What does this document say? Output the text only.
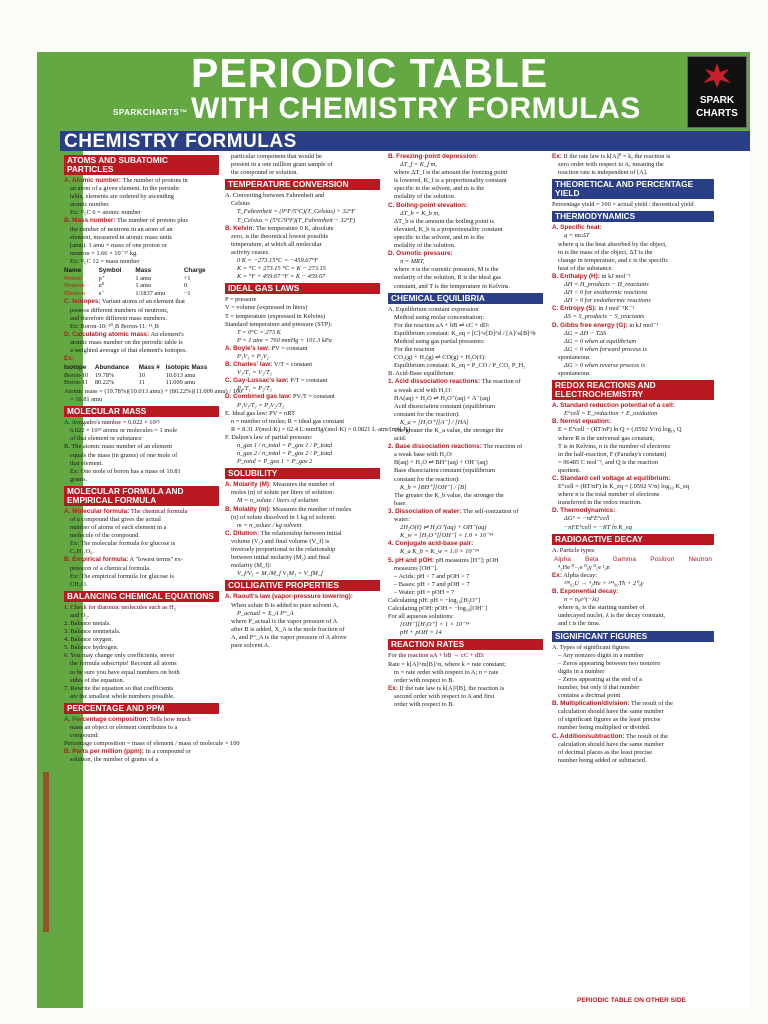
SPARKCHARTS™
PERIODIC TABLE
WITH CHEMISTRY FORMULAS	SPARK
CHARTS
CHEMISTRY FORMULAS
ATOMS AND SUBATOMIC PARTICLES
A. Atomic number: The number of protons in
an atom of a given element. In the periodic
table, elements are ordered by ascending
atomic number.
Ex: ¹²₆C 6 = atomic number
B. Mass number: The number of protons plus
the number of neutrons in an atom of an
element, measured in atomic mass units
(amu). 1 amu = mass of one proton or
neutron = 1.66 × 10⁻²⁷ kg.
Ex: ¹²₆C 12 = mass number
Name	Symbol	Mass	Charge
Proton	p⁺	1 amu	+1
Neutron	n⁰	1 amu	0
Electron	e⁻	1/1837 amu	−1
C. Isotopes: Variant atoms of an element that
possess different numbers of neutrons,
and therefore different mass numbers.
Ex: Boron-10: ¹⁰₅B Boron-11: ¹¹₅B
D. Calculating atomic mass: An element's
atomic mass number on the periodic table is
a weighted average of that element's isotopes.
Ex:
Isotope	Abundance	Mass #	Isotopic Mass
Boron-10	19.78%	10	10.013 amu
Boron-11	80.22%	11	11.009 amu
Atomic mass = (19.78%)(10.013 amu) + (80.22%)(11.009 amu) / 100
= 10.81 amu
MOLECULAR MASS
A. Avogadro's number = 6.022 × 10²³
6.022 × 10²³ atoms or molecules = 1 mole
of that element or substance
B. The atomic mass number of an element
equals the mass (in grams) of one mole of
that element.
Ex: One mole of boron has a mass of 10.81
grams.
MOLECULAR FORMULA AND EMPIRICAL FORMULA
A. Molecular formula: The chemical formula
of a compound that gives the actual
number of atoms of each element in a
molecule of the compound.
Ex: The molecular formula for glucose is
C₆H₁₂O₆.
B. Empirical formula: A "lowest terms" ex-
pression of a chemical formula.
Ex: The empirical formula for glucose is
CH₂O.
BALANCING CHEMICAL EQUATIONS
1. Check for diatomic molecules such as H₂
and O₂.
2. Balance metals.
3. Balance nonmetals.
4. Balance oxygen.
5. Balance hydrogen.
6. You may change only coefficients, never
the formula subscripts! Recount all atoms
to be sure you have equal numbers on both
sides of the equation.
7. Rewrite the equation so that coefficients
are the smallest whole numbers possible.
PERCENTAGE AND PPM
A. Percentage composition: Tells how much
mass an object or element contributes to a
compound:
Percentage composition = mass of element / mass of molecule × 100
B. Parts per million (ppm): In a compound or
solution, the number of grams of a
particular component that would be
present in a one million gram sample of
the compound or solution.
TEMPERATURE CONVERSION
A. Converting between Fahrenheit and
Celsius
T_Fahrenheit = (9°F/5°C)(T_Celsius) + 32°F
T_Celsius = (5°C/9°F)(T_Fahrenheit − 32°F)
B. Kelvin: The temperature 0 K, absolute
zero, is the theoretical lowest possible
temperature, at which all molecular
activity ceases.
0 K = −273.15°C = −459.67°F
K = °C + 273.15 °C = K − 273.15
K = °F + 459.67 °F = K − 459.67
IDEAL GAS LAWS
P = pressure
V = volume (expressed in liters)
T = temperature (expressed in Kelvins)
Standard temperature and pressure (STP):
T = 0°C = 273 K
P = 1 atm = 760 mmHg = 101.3 kPa
A. Boyle's law: PV = constant
P₁V₁ = P₂V₂
B. Charles' law: V/T = constant
V₁/T₁ = V₂/T₂
C. Gay-Lussac's law: P/T = constant
P₁/T₁ = P₂/T₂
D. Combined gas law: PV/T = constant
P₁V₁/T₁ = P₂V₂/T₂
E. Ideal gas law: PV = nRT
n = number of moles; R = ideal gas constant
R = 8.31 J/(mol·K) = 62.4 L·mmHg/(mol·K) = 0.0821 L·atm/(mol·K)
F. Dalton's law of partial pressure:
n_gas 1 / n_total = P_gas 1 / P_total
n_gas 2 / n_total = P_gas 2 / P_total
P_total = P_gas 1 + P_gas 2
SOLUBILITY
A. Molarity (M): Measures the number of
moles (n) of solute per liters of solution:
M = n_solute / liters of solution
B. Molality (m): Measures the number of moles
(n) of solute dissolved in 1 kg of solvent:
m = n_solute / kg solvent
C. Dilution: The relationship between initial
volume (V₁) and final volume (V_f) is
inversely proportional to the relationship
between initial molarity (M₁) and final
molarity (M_f):
V_f/V₁ = M₁/M_f V₁M₁ = V_fM_f
COLLIGATIVE PROPERTIES
A. Raoult's law (vapor-pressure lowering):
When solute B is added to pure solvent A,
P_actual = X_A P°_A
where P_actual is the vapor pressure of A
after B is added, X_A is the mole fraction of
A, and P°_A is the vapor pressure of A above
pure solvent A.
B. Freezing-point depression:
ΔT_f = K_f m,
where ΔT_f is the amount the freezing point
is lowered, K_f is a proportionality constant
specific to the solvent, and m is the
molality of the solution.
C. Boiling-point elevation:
ΔT_b = K_b m,
ΔT_b is the amount the boiling point is
elevated, K_b is a proportionality constant
specific to the solvent, and m is the
molality of the solution.
D. Osmotic pressure:
π = MRT,
where π is the osmotic pressure, M is the
molarity of the solution, R is the ideal gas
constant, and T is the temperature in Kelvins.
CHEMICAL EQUILIBRIA
A. Equilibrium constant expression
Method using molar concentration:
For the reaction aA + bB ⇌ cC + dD:
Equilibrium constant: K_eq = [C]^c[D]^d / [A]^a[B]^b
Method using gas partial pressures:
For the reaction
CO₂(g) + H₂(g) ⇌ CO(g) + H₂O(ℓ):
Equilibrium constant: K_eq = P_CO / P_CO₂ P_H₂
B. Acid-Base equilibrium
1. Acid dissociation reactions: The reaction of
a weak acid with H₂O:
HA(aq) + H₂O ⇌ H₃O⁺(aq) + A⁻(aq)
Acid dissociation constant (equilibrium
constant for the reaction):
K_a = [H₃O⁺][A⁻] / [HA]
The greater the K_a value, the stronger the
acid.
2. Base dissociation reactions: The reaction of
a weak base with H₂O:
B(aq) + H₂O ⇌ BH⁺(aq) + OH⁻(aq)
Base dissociation constant (equilibrium
constant for the reaction):
K_b = [BH⁺][OH⁻] / [B]
The greater the K_b value, the stronger the
base.
3. Dissociation of water: The self-ionization of
water:
2H₂O(ℓ) ⇌ H₃O⁺(aq) + OH⁻(aq)
K_w = [H₃O⁺][OH⁻] = 1.0 × 10⁻¹⁴
4. Conjugate acid-base pair:
K_a K_b = K_w = 1.0 × 10⁻¹⁴
5. pH and pOH: pH measures [H⁺]; pOH
measures [OH⁻].
– Acids: pH < 7 and pOH > 7
– Bases: pH > 7 and pOH < 7
– Water: pH = pOH = 7
Calculating pH: pH = −log₁₀[H₃O⁺]
Calculating pOH: pOH = −log₁₀[OH⁻]
For all aqueous solutions:
[OH⁻][H₃O⁺] = 1 × 10⁻¹⁴
pH + pOH = 14
REACTION RATES
For the reaction aA + bB → cC + dD:
Rate = k[A]^m[B]^n, where k = rate constant;
m = rate order with respect to A; n = rate
order with respect to B.
Ex: If the rate law is k[A]²[B], the reaction is
second order with respect to A and first
order with respect to B.
Ex: If the rate law is k[A]⁰ = k, the reaction is
zero order with respect to A, meaning the
reaction rate is independent of [A].
THEORETICAL AND PERCENTAGE YIELD
Percentage yield = 100 × actual yield / theoretical yield
THERMODYNAMICS
A. Specific heat:
q = mcΔT
where q is the heat absorbed by the object,
m is the mass of the object, ΔT is the
change in temperature, and c is the specific
heat of the substance.
B. Enthalpy (H): in kJ mol⁻¹
ΔH = H_products − H_reactants
ΔH < 0 for exothermic reactions
ΔH > 0 for endothermic reactions
C. Entropy (S): in J mol⁻¹K⁻¹
ΔS = S_products − S_reactants
D. Gibbs free energy (G): in kJ mol⁻¹
ΔG = ΔH − TΔS
ΔG = 0 when at equilibrium
ΔG < 0 when forward process is
spontaneous
ΔG > 0 when reverse process is
spontaneous
REDOX REACTIONS AND ELECTROCHEMISTRY
A. Standard reduction potential of a cell:
E°cell = E_reduction + E_oxidation
B. Nernst equation:
E = E°cell − (RT/nF) ln Q = (.0592 V/n) log₁₀ Q
where R is the universal gas constant,
T is in Kelvins, n is the number of electrons
in the half-reaction, F (Faraday's constant)
= 96485 C mol⁻¹, and Q is the reaction
quotient.
C. Standard cell voltage at equilibrium:
E°cell = (RT/nF) ln K_eq = (.0592 V/n) log₁₀ K_eq
where n is the total number of electrons
transferred in the redox reaction.
D. Thermodynamics:
ΔG° = −nFE°cell
−nFE°cell = −RT ln K_eq
RADIOACTIVE DECAY
A. Particle types
Alpha Beta Gamma Positron Neutron
⁴₂He ⁰₋₁e ⁰₀γ ⁰₁e ¹₀n
Ex: Alpha decay:
²³⁸₉₂U → ⁴₂He + ²³⁴₉₀Th + 2⁰₀γ
B. Exponential decay:
n = n₀e^(−λt)
where n₀ is the starting number of
undecayed nuclei, λ is the decay constant,
and t is the time.
SIGNIFICANT FIGURES
A. Types of significant figures
– Any nonzero digits in a number
– Zeros appearing between two nonzero
digits in a number
– Zeros appearing at the end of a
number, but only if that number
contains a decimal point
B. Multiplication/division: The result of the
calculation should have the same number
of significant figures as the least precise
number being multiplied or divided.
C. Addition/subtraction: The result of the
calculation should have the same number
of decimal places as the least precise
number being added or subtracted.
PERIODIC TABLE ON OTHER SIDE
